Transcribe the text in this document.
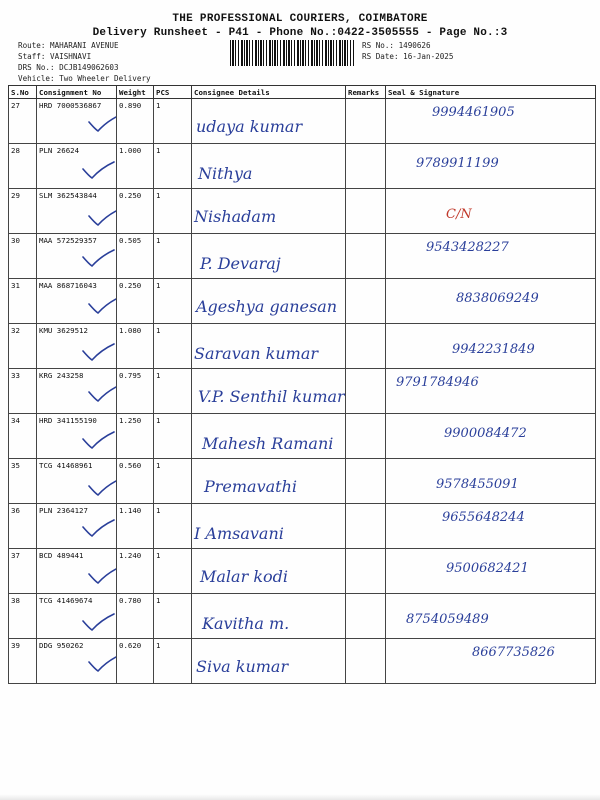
THE PROFESSIONAL COURIERS, COIMBATORE
Delivery Runsheet - P41 - Phone No.:0422-3505555 - Page No.:3
Route: MAHARANI AVENUE
Staff: VAISHNAVI
DRS No.: DCJB149062603
Vehicle: Two Wheeler Delivery
RS No.: 1490626
RS Date: 16-Jan-2025
S.No	Consignment No	Weight	PCS	Consignee Details	Remarks	Seal & Signature
27	HRD 7000536867	0.890	1	udaya kumar		9994461905

28	PLN 26624	1.000	1	Nithya		9789911199

29	SLM 362543844	0.250	1	Nishadam		C/N

30	MAA 572529357	0.505	1	P. Devaraj		9543428227

31	MAA 868716043	0.250	1	Ageshya ganesan		8838069249

32	KMU 3629512	1.080	1	Saravan kumar		9942231849

33	KRG 243258	0.795	1	V.P. Senthil kumar		9791784946

34	HRD 341155190	1.250	1	Mahesh Ramani		9900084472

35	TCG 41468961	0.560	1	Premavathi		9578455091

36	PLN 2364127	1.140	1	I Amsavani		9655648244

37	BCD 489441	1.240	1	Malar kodi		9500682421

38	TCG 41469674	0.780	1	Kavitha m.		8754059489

39	DDG 950262	0.620	1	Siva kumar		8667735826
